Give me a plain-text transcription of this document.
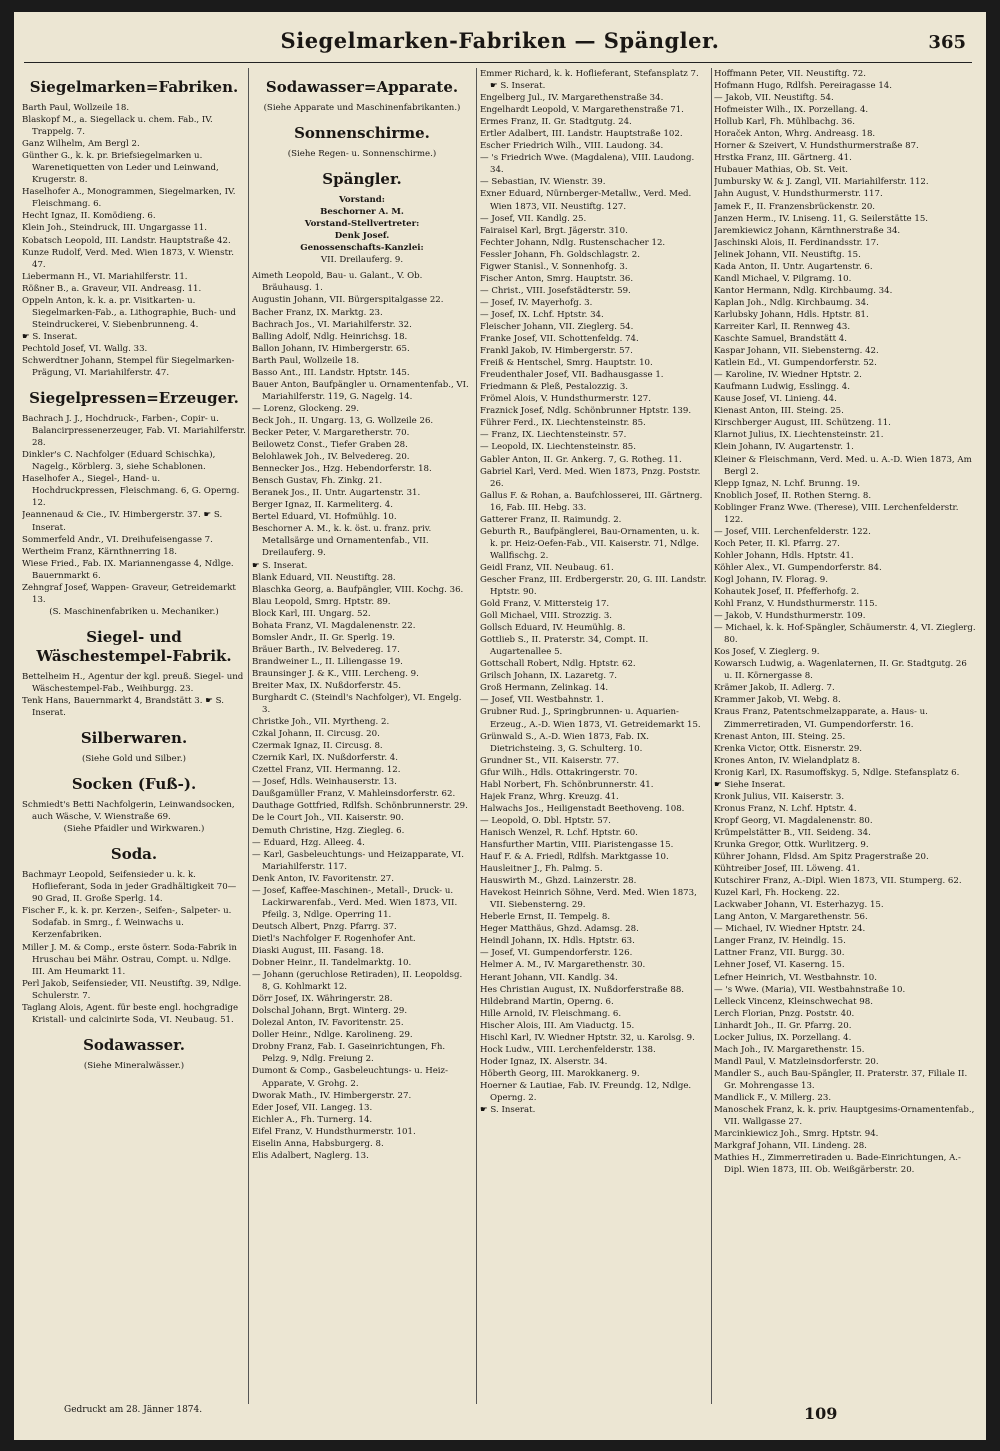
Siegelmarken-Fabriken — Spängler.	365
Siegelmarken=Fabriken.
Barth Paul, Wollzeile 18.
Blaskopf M., a. Siegellack u. chem. Fab., IV. Trappelg. 7.
Ganz Wilhelm, Am Bergl 2.
Günther G., k. k. pr. Briefsiegelmarken u. Warenetiquetten von Leder und Leinwand, Krugerstr. 8.
Haselhofer A., Monogrammen, Siegelmarken, IV. Fleischmang. 6.
Hecht Ignaz, II. Komödieng. 6.
Klein Joh., Steindruck, III. Ungargasse 11.
Kobatsch Leopold, III. Landstr. Hauptstraße 42.
Kunze Rudolf, Verd. Med. Wien 1873, V. Wienstr. 47.
Liebermann H., VI. Mariahilferstr. 11.
Rößner B., a. Graveur, VII. Andreasg. 11.
Oppeln Anton, k. k. a. pr. Visitkarten- u. Siegelmarken-Fab., a. Lithographie, Buch- und Steindruckerei, V. Siebenbrunneng. 4.
☛ S. Inserat.
Pechtold Josef, VI. Wallg. 33.
Schwerdtner Johann, Stempel für Siegelmarken-Prägung, VI. Mariahilferstr. 47.
Siegelpressen=Erzeuger.
Bachrach J. J., Hochdruck-, Farben-, Copir- u. Balancirpressenerzeuger, Fab. VI. Mariahilferstr. 28.
Dinkler's C. Nachfolger (Eduard Schischka), Nagelg., Körblerg. 3, siehe Schablonen.
Haselhofer A., Siegel-, Hand- u. Hochdruckpressen, Fleischmang. 6, G. Operng. 12.
Jeannenaud & Cie., IV. Himbergerstr. 37. ☛ S. Inserat.
Sommerfeld Andr., VI. Dreihufeisengasse 7.
Wertheim Franz, Kärnthnerring 18.
Wiese Fried., Fab. IX. Mariannengasse 4, Ndlge. Bauernmarkt 6.
Zehngraf Josef, Wappen- Graveur, Getreidemarkt 13.
(S. Maschinenfabriken u. Mechaniker.)
Siegel- und Wäschestempel-Fabrik.
Bettelheim H., Agentur der kgl. preuß. Siegel- und Wäschestempel-Fab., Weihburgg. 23.
Tenk Hans, Bauernmarkt 4, Brandstätt 3. ☛ S. Inserat.
Silberwaren.
(Siehe Gold und Silber.)
Socken (Fuß-).
Schmiedt's Betti Nachfolgerin, Leinwandsocken, auch Wäsche, V. Wienstraße 69.
(Siehe Pfaidler und Wirkwaren.)
Soda.
Bachmayr Leopold, Seifensieder u. k. k. Hoflieferant, Soda in jeder Gradhältigkeit 70—90 Grad, II. Große Sperlg. 14.
Fischer F., k. k. pr. Kerzen-, Seifen-, Salpeter- u. Sodafab. in Smrg., f. Weinwachs u. Kerzenfabriken.
Miller J. M. & Comp., erste österr. Soda-Fabrik in Hruschau bei Mähr. Ostrau, Compt. u. Ndlge. III. Am Heumarkt 11.
Perl Jakob, Seifensieder, VII. Neustiftg. 39, Ndlge. Schulerstr. 7.
Taglang Alois, Agent. für beste engl. hochgradige Kristall- und calcinirte Soda, VI. Neubaug. 51.
Sodawasser.
(Siehe Mineralwässer.)
Sodawasser=Apparate.
(Siehe Apparate und Maschinenfabrikanten.)
Sonnenschirme.
(Siehe Regen- u. Sonnenschirme.)
Spängler.
Vorstand:
Beschorner A. M.
Vorstand-Stellvertreter:
Denk Josef.
Genossenschafts-Kanzlei:
VII. Dreilauferg. 9.
Aimeth Leopold, Bau- u. Galant., V. Ob. Bräuhausg. 1.
Augustin Johann, VII. Bürgerspitalgasse 22.
Bacher Franz, IX. Marktg. 23.
Bachrach Jos., VI. Mariahilferstr. 32.
Balling Adolf, Ndlg. Heinrichsg. 18.
Ballon Johann, IV. Himbergerstr. 65.
Barth Paul, Wollzeile 18.
Basso Ant., III. Landstr. Hptstr. 145.
Bauer Anton, Baufpängler u. Ornamentenfab., VI. Mariahilferstr. 119, G. Nagelg. 14.
— Lorenz, Glockeng. 29.
Beck Joh., II. Ungarg. 13, G. Wollzeile 26.
Becker Peter, V. Margaretherstr. 70.
Beilowetz Const., Tiefer Graben 28.
Belohlawek Joh., IV. Belvedereg. 20.
Bennecker Jos., Hzg. Hebendorferstr. 18.
Bensch Gustav, Fh. Zinkg. 21.
Beranek Jos., II. Untr. Augartenstr. 31.
Berger Ignaz, II. Karmeliterg. 4.
Bertel Eduard, VI. Hofmühlg. 10.
Beschorner A. M., k. k. öst. u. franz. priv. Metallsärge und Ornamentenfab., VII. Dreilauferg. 9.
☛ S. Inserat.
Blank Eduard, VII. Neustiftg. 28.
Blaschka Georg, a. Baufpängler, VIII. Kochg. 36.
Blau Leopold, Smrg. Hptstr. 89.
Block Karl, III. Ungarg. 52.
Bohata Franz, VI. Magdalenenstr. 22.
Bomsler Andr., II. Gr. Sperlg. 19.
Bräuer Barth., IV. Belvedereg. 17.
Brandweiner L., II. Liliengasse 19.
Braunsinger J. & K., VIII. Lercheng. 9.
Breiter Max, IX. Nußdorferstr. 45.
Burghardt C. (Steindl's Nachfolger), VI. Engelg. 3.
Christke Joh., VII. Myrtheng. 2.
Czkal Johann, II. Circusg. 20.
Czermak Ignaz, II. Circusg. 8.
Czernik Karl, IX. Nußdorferstr. 4.
Czettel Franz, VII. Hermanng. 12.
— Josef, Hdls. Weinhauserstr. 13.
Daußgamüller Franz, V. Mahleinsdorferstr. 62.
Dauthage Gottfried, Rdlfsh. Schönbrunnerstr. 29.
De le Court Joh., VII. Kaiserstr. 90.
Demuth Christine, Hzg. Ziegleg. 6.
— Eduard, Hzg. Alleeg. 4.
— Karl, Gasbeleuchtungs- und Heizapparate, VI. Mariahilferstr. 117.
Denk Anton, IV. Favoritenstr. 27.
— Josef, Kaffee-Maschinen-, Metall-, Druck- u. Lackirwarenfab., Verd. Med. Wien 1873, VII. Pfeilg. 3, Ndlge. Operring 11.
Deutsch Albert, Pnzg. Pfarrg. 37.
Dietl's Nachfolger F. Rogenhofer Ant.
Diaski August, III. Fasang. 18.
Dobner Heinr., II. Tandelmarktg. 10.
— Johann (geruchlose Retiraden), II. Leopoldsg. 8, G. Kohlmarkt 12.
Dörr Josef, IX. Währingerstr. 28.
Dolschal Johann, Brgt. Winterg. 29.
Dolezal Anton, IV. Favoritenstr. 25.
Doller Heinr., Ndlge. Karolineng. 29.
Drobny Franz, Fab. I. Gaseinrichtungen, Fh. Pelzg. 9, Ndlg. Freiung 2.
Dumont & Comp., Gasbeleuchtungs- u. Heiz-Apparate, V. Grohg. 2.
Dworak Math., IV. Himbergerstr. 27.
Eder Josef, VII. Langeg. 13.
Eichler A., Fh. Turnerg. 14.
Eifel Franz, V. Hundsthurmerstr. 101.
Eiselin Anna, Habsburgerg. 8.
Elis Adalbert, Naglerg. 13.
Emmer Richard, k. k. Hoflieferant, Stefansplatz 7. ☛ S. Inserat.
Engelberg Jul., IV. Margarethenstraße 34.
Engelhardt Leopold, V. Margarethenstraße 71.
Ermes Franz, II. Gr. Stadtgutg. 24.
Ertler Adalbert, III. Landstr. Hauptstraße 102.
Escher Friedrich Wilh., VIII. Laudong. 34.
— 's Friedrich Wwe. (Magdalena), VIII. Laudong. 34.
— Sebastian, IV. Wienstr. 39.
Exner Eduard, Nürnberger-Metallw., Verd. Med. Wien 1873, VII. Neustiftg. 127.
— Josef, VII. Kandlg. 25.
Fairaisel Karl, Brgt. Jägerstr. 310.
Fechter Johann, Ndlg. Rustenschacher 12.
Fessler Johann, Fh. Goldschlagstr. 2.
Figwer Stanisl., V. Sonnenhofg. 3.
Fischer Anton, Smrg. Hauptstr. 36.
— Christ., VIII. Josefstädterstr. 59.
— Josef, IV. Mayerhofg. 3.
— Josef, IX. Lchf. Hptstr. 34.
Fleischer Johann, VII. Zieglerg. 54.
Franke Josef, VII. Schottenfeldg. 74.
Frankl Jakob, IV. Himbergerstr. 57.
Freiß & Hentschel, Smrg. Hauptstr. 10.
Freudenthaler Josef, VII. Badhausgasse 1.
Friedmann & Pleß, Pestalozzig. 3.
Frömel Alois, V. Hundsthurmerstr. 127.
Fraznick Josef, Ndlg. Schönbrunner Hptstr. 139.
Führer Ferd., IX. Liechtensteinstr. 85.
— Franz, IX. Liechtensteinstr. 57.
— Leopold, IX. Liechtensteinstr. 85.
Gabler Anton, II. Gr. Ankerg. 7, G. Rotheg. 11.
Gabriel Karl, Verd. Med. Wien 1873, Pnzg. Poststr. 26.
Gallus F. & Rohan, a. Baufchlosserei, III. Gärtnerg. 16, Fab. III. Hebg. 33.
Gatterer Franz, II. Raimundg. 2.
Geburth R., Baufpänglerei, Bau-Ornamenten, u. k. k. pr. Heiz-Oefen-Fab., VII. Kaiserstr. 71, Ndlge. Wallfischg. 2.
Geidl Franz, VII. Neubaug. 61.
Gescher Franz, III. Erdbergerstr. 20, G. III. Landstr. Hptstr. 90.
Gold Franz, V. Mittersteig 17.
Goll Michael, VIII. Strozzig. 3.
Gollsch Eduard, IV. Heumühlg. 8.
Gottlieb S., II. Praterstr. 34, Compt. II. Augartenallee 5.
Gottschall Robert, Ndlg. Hptstr. 62.
Grilsch Johann, IX. Lazaretg. 7.
Groß Hermann, Zelinkag. 14.
— Josef, VII. Westbahnstr. 1.
Grubner Rud. J., Springbrunnen- u. Aquarien-Erzeug., A.-D. Wien 1873, VI. Getreidemarkt 15.
Grünwald S., A.-D. Wien 1873, Fab. IX. Dietrichsteing. 3, G. Schulterg. 10.
Grundner St., VII. Kaiserstr. 77.
Gfur Wilh., Hdls. Ottakringerstr. 70.
Habl Norbert, Fh. Schönbrunnerstr. 41.
Hajek Franz, Whrg. Kreuzg. 41.
Halwachs Jos., Heiligenstadt Beethoveng. 108.
— Leopold, O. Dbl. Hptstr. 57.
Hanisch Wenzel, R. Lchf. Hptstr. 60.
Hansfurther Martin, VIII. Piaristengasse 15.
Hauf F. & A. Friedl, Rdlfsh. Marktgasse 10.
Hausleitner J., Fh. Palmg. 5.
Hauswirth M., Ghzd. Lainzerstr. 28.
Havekost Heinrich Söhne, Verd. Med. Wien 1873, VII. Siebensterng. 29.
Heberle Ernst, II. Tempelg. 8.
Heger Matthäus, Ghzd. Adamsg. 28.
Heindl Johann, IX. Hdls. Hptstr. 63.
— Josef, VI. Gumpendorferstr. 126.
Helmer A. M., IV. Margarethenstr. 30.
Herant Johann, VII. Kandlg. 34.
Hes Christian August, IX. Nußdorferstraße 88.
Hildebrand Martin, Operng. 6.
Hille Arnold, IV. Fleischmang. 6.
Hischer Alois, III. Am Viaductg. 15.
Hischl Karl, IV. Wiedner Hptstr. 32, u. Karolsg. 9.
Hock Ludw., VIII. Lerchenfelderstr. 138.
Hoder Ignaz, IX. Alserstr. 34.
Höberth Georg, III. Marokkanerg. 9.
Hoerner & Lautiae, Fab. IV. Freundg. 12, Ndlge. Operng. 2.
☛ S. Inserat.
Hoffmann Peter, VII. Neustiftg. 72.
Hofmann Hugo, Rdlfsh. Pereiragasse 14.
— Jakob, VII. Neustiftg. 54.
Hofmeister Wilh., IX. Porzellang. 4.
Hollub Karl, Fh. Mühlbachg. 36.
Horaček Anton, Whrg. Andreasg. 18.
Horner & Szeivert, V. Hundsthurmerstraße 87.
Hrstka Franz, III. Gärtnerg. 41.
Hubauer Mathias, Ob. St. Veit.
Jumbursky W. & J. Zangl, VII. Mariahilferstr. 112.
Jahn August, V. Hundsthurmerstr. 117.
Jamek F., II. Franzensbrückenstr. 20.
Janzen Herm., IV. Lniseng. 11, G. Seilerstätte 15.
Jaremkiewicz Johann, Kärnthnerstraße 34.
Jaschinski Alois, II. Ferdinandsstr. 17.
Jelinek Johann, VII. Neustiftg. 15.
Kada Anton, II. Untr. Augartenstr. 6.
Kandl Michael, V. Pilgramg. 10.
Kantor Hermann, Ndlg. Kirchbaumg. 34.
Kaplan Joh., Ndlg. Kirchbaumg. 34.
Karlubsky Johann, Hdls. Hptstr. 81.
Karreiter Karl, II. Rennweg 43.
Kaschte Samuel, Brandstätt 4.
Kaspar Johann, VII. Siebensterng. 42.
Katlein Ed., VI. Gumpendorferstr. 52.
— Karoline, IV. Wiedner Hptstr. 2.
Kaufmann Ludwig, Esslingg. 4.
Kause Josef, VI. Linieng. 44.
Kienast Anton, III. Steing. 25.
Kirschberger August, III. Schützeng. 11.
Klarnot Julius, IX. Liechtensteinstr. 21.
Klein Johann, IV. Augartenstr. 1.
Kleiner & Fleischmann, Verd. Med. u. A.-D. Wien 1873, Am Bergl 2.
Klepp Ignaz, N. Lchf. Brunng. 19.
Knoblich Josef, II. Rothen Sterng. 8.
Koblinger Franz Wwe. (Therese), VIII. Lerchenfelderstr. 122.
— Josef, VIII. Lerchenfelderstr. 122.
Koch Peter, II. Kl. Pfarrg. 27.
Kohler Johann, Hdls. Hptstr. 41.
Köhler Alex., VI. Gumpendorferstr. 84.
Kogl Johann, IV. Florag. 9.
Kohautek Josef, II. Pfefferhofg. 2.
Kohl Franz, V. Hundsthurmerstr. 115.
— Jakob, V. Hundsthurmerstr. 109.
— Michael, k. k. Hof-Spängler, Schäumerstr. 4, VI. Zieglerg. 80.
Kos Josef, V. Zieglerg. 9.
Kowarsch Ludwig, a. Wagenlaternen, II. Gr. Stadtgutg. 26 u. II. Körnergasse 8.
Krämer Jakob, II. Adlerg. 7.
Krammer Jakob, VI. Webg. 8.
Kraus Franz, Patentschmelzapparate, a. Haus- u. Zimmerretiraden, VI. Gumpendorferstr. 16.
Krenast Anton, III. Steing. 25.
Krenka Victor, Ottk. Eisnerstr. 29.
Krones Anton, IV. Wielandplatz 8.
Kronig Karl, IX. Rasumoffskyg. 5, Ndlge. Stefansplatz 6.
☛ Siehe Inserat.
Kronk Julius, VII. Kaiserstr. 3.
Kronus Franz, N. Lchf. Hptstr. 4.
Kropf Georg, VI. Magdalenenstr. 80.
Krümpelstätter B., VII. Seideng. 34.
Krunka Gregor, Ottk. Wurlitzerg. 9.
Kührer Johann, Fldsd. Am Spitz Pragerstraße 20.
Kühtreiber Josef, III. Löweng. 41.
Kutschirer Franz, A.-Dipl. Wien 1873, VII. Stumperg. 62.
Kuzel Karl, Fh. Hockeng. 22.
Lackwaber Johann, VI. Esterhazyg. 15.
Lang Anton, V. Margarethenstr. 56.
— Michael, IV. Wiedner Hptstr. 24.
Langer Franz, IV. Heindlg. 15.
Lattner Franz, VII. Burgg. 30.
Lehner Josef, VI. Kaserng. 15.
Lefner Heinrich, VI. Westbahnstr. 10.
— 's Wwe. (Maria), VII. Westbahnstraße 10.
Lelleck Vincenz, Kleinschwechat 98.
Lerch Florian, Pnzg. Poststr. 40.
Linhardt Joh., II. Gr. Pfarrg. 20.
Locker Julius, IX. Porzellang. 4.
Mach Joh., IV. Margarethenstr. 15.
Mandl Paul, V. Matzleinsdorferstr. 20.
Mandler S., auch Bau-Spängler, II. Praterstr. 37, Filiale II. Gr. Mohrengasse 13.
Mandlick F., V. Millerg. 23.
Manoschek Franz, k. k. priv. Hauptgesims-Ornamentenfab., VII. Wallgasse 27.
Marcinkiewicz Joh., Smrg. Hptstr. 94.
Markgraf Johann, VII. Lindeng. 28.
Mathies H., Zimmerretiraden u. Bade-Einrichtungen, A.-Dipl. Wien 1873, III. Ob. Weißgärberstr. 20.
Gedruckt am 28. Jänner 1874.	109
